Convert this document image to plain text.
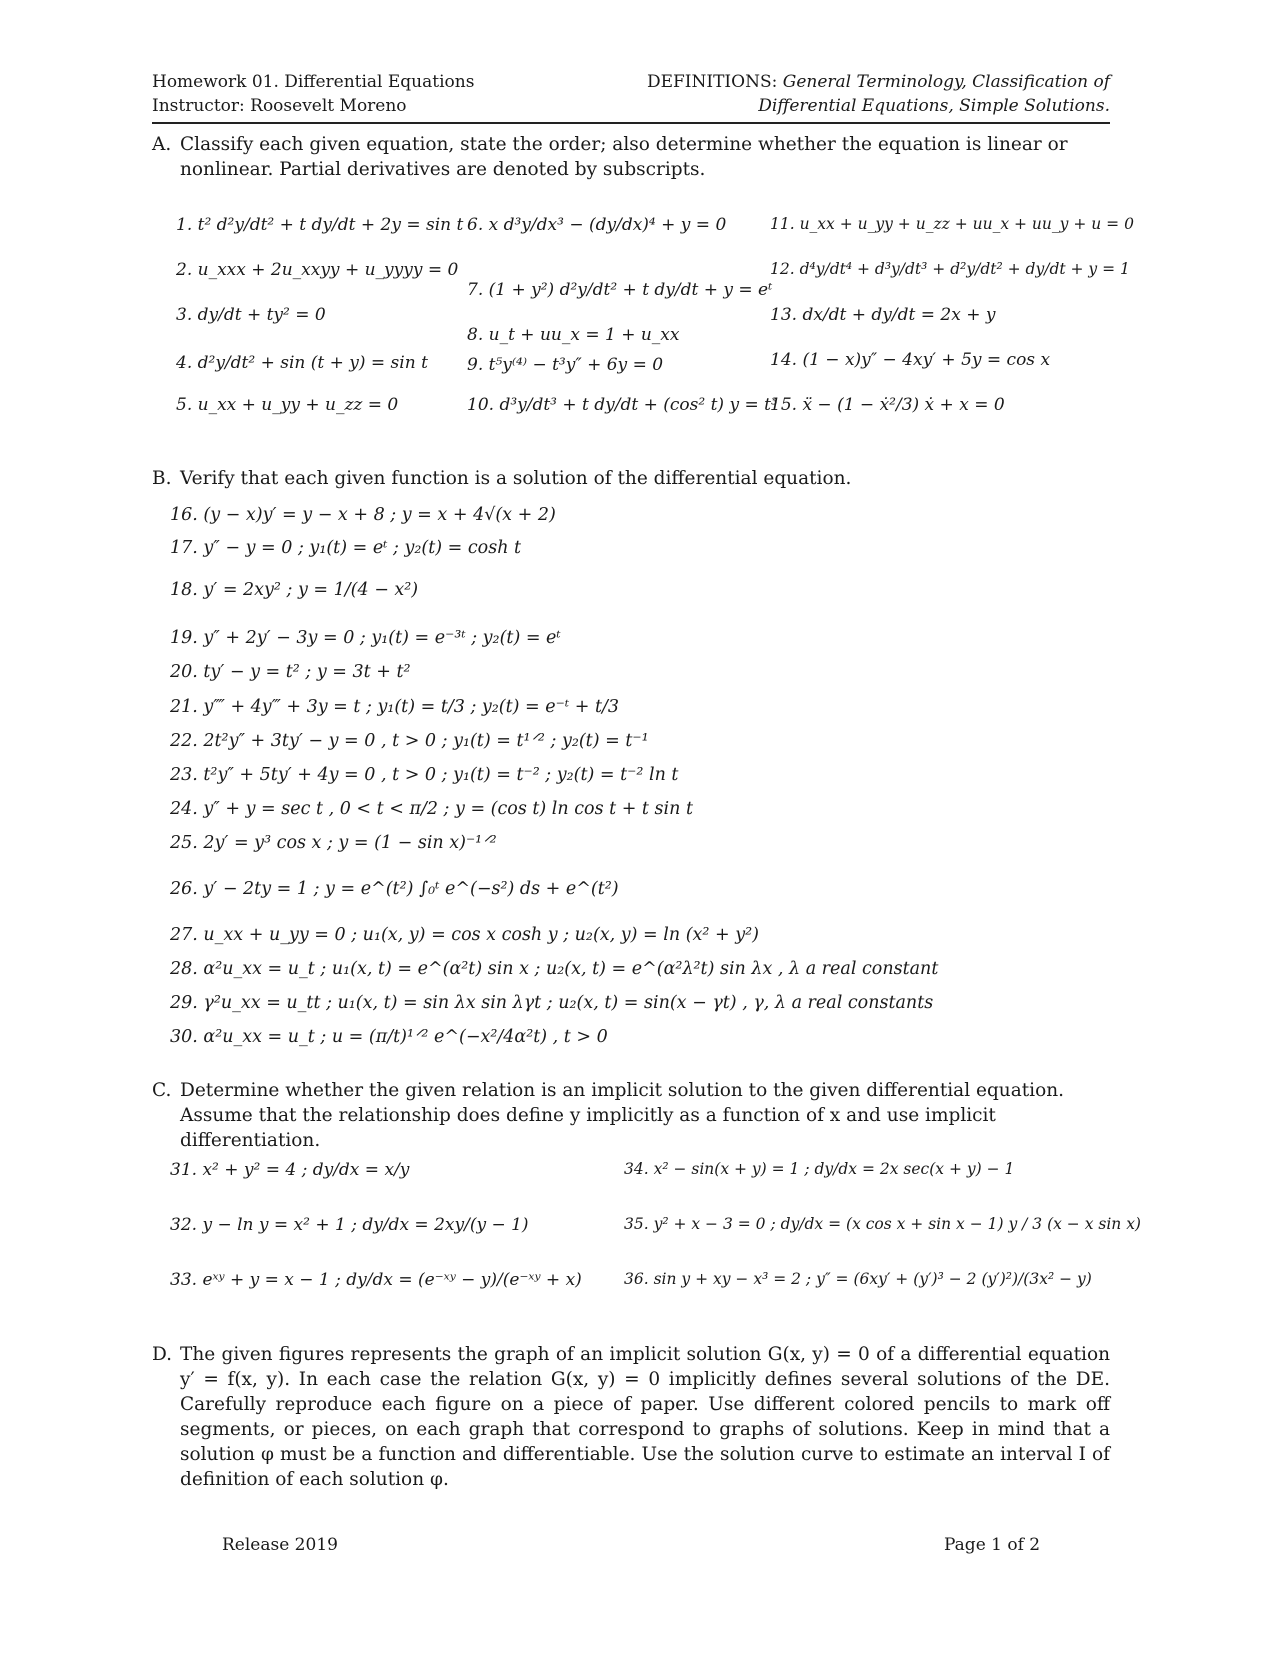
Homework 01. Differential Equations
Instructor: Roosevelt Moreno
DEFINITIONS: General Terminology, Classification of
Differential Equations, Simple Solutions.
A. Classify each given equation, state the order; also determine whether the equation is linear or nonlinear. Partial derivatives are denoted by subscripts.
1. t² d²y/dt² + t dy/dt + 2y = sin t
2. u_xxx + 2u_xxyy + u_yyyy = 0
3. dy/dt + ty² = 0
4. d²y/dt² + sin (t + y) = sin t
5. u_xx + u_yy + u_zz = 0
6. x d³y/dx³ − (dy/dx)⁴ + y = 0
7. (1 + y²) d²y/dt² + t dy/dt + y = eᵗ
8. u_t + uu_x = 1 + u_xx
9. t⁵y⁽⁴⁾ − t³y″ + 6y = 0
10. d³y/dt³ + t dy/dt + (cos² t) y = t³
11. u_xx + u_yy + u_zz + uu_x + uu_y + u = 0
12. d⁴y/dt⁴ + d³y/dt³ + d²y/dt² + dy/dt + y = 1
13. dx/dt + dy/dt = 2x + y
14. (1 − x)y″ − 4xy′ + 5y = cos x
15. ẍ − (1 − ẋ²/3) ẋ + x = 0
B. Verify that each given function is a solution of the differential equation.
16. (y − x)y′ = y − x + 8 ; y = x + 4√(x + 2)
17. y″ − y = 0 ; y₁(t) = eᵗ ; y₂(t) = cosh t
18. y′ = 2xy² ; y = 1/(4 − x²)
19. y″ + 2y′ − 3y = 0 ; y₁(t) = e⁻³ᵗ ; y₂(t) = eᵗ
20. ty′ − y = t² ; y = 3t + t²
21. y⁗ + 4y‴ + 3y = t ; y₁(t) = t/3 ; y₂(t) = e⁻ᵗ + t/3
22. 2t²y″ + 3ty′ − y = 0 , t > 0 ; y₁(t) = t¹ᐟ² ; y₂(t) = t⁻¹
23. t²y″ + 5ty′ + 4y = 0 , t > 0 ; y₁(t) = t⁻² ; y₂(t) = t⁻² ln t
24. y″ + y = sec t , 0 < t < π/2 ; y = (cos t) ln cos t + t sin t
25. 2y′ = y³ cos x ; y = (1 − sin x)⁻¹ᐟ²
26. y′ − 2ty = 1 ; y = e^(t²) ∫₀ᵗ e^(−s²) ds + e^(t²)
27. u_xx + u_yy = 0 ; u₁(x, y) = cos x cosh y ; u₂(x, y) = ln (x² + y²)
28. α²u_xx = u_t ; u₁(x, t) = e^(α²t) sin x ; u₂(x, t) = e^(α²λ²t) sin λx , λ a real constant
29. γ²u_xx = u_tt ; u₁(x, t) = sin λx sin λγt ; u₂(x, t) = sin(x − γt) , γ, λ a real constants
30. α²u_xx = u_t ; u = (π/t)¹ᐟ² e^(−x²/4α²t) , t > 0
C. Determine whether the given relation is an implicit solution to the given differential equation. Assume that the relationship does define y implicitly as a function of x and use implicit differentiation.
31. x² + y² = 4 ; dy/dx = x/y
32. y − ln y = x² + 1 ; dy/dx = 2xy/(y − 1)
33. eˣʸ + y = x − 1 ; dy/dx = (e⁻ˣʸ − y)/(e⁻ˣʸ + x)
34. x² − sin(x + y) = 1 ; dy/dx = 2x sec(x + y) − 1
35. y² + x − 3 = 0 ; dy/dx = (x cos x + sin x − 1) y / 3 (x − x sin x)
36. sin y + xy − x³ = 2 ; y″ = (6xy′ + (y′)³ − 2 (y′)²)/(3x² − y)
D. The given figures represents the graph of an implicit solution G(x, y) = 0 of a differential equation y′ = f(x, y). In each case the relation G(x, y) = 0 implicitly defines several solutions of the DE. Carefully reproduce each figure on a piece of paper. Use different colored pencils to mark off segments, or pieces, on each graph that correspond to graphs of solutions. Keep in mind that a solution φ must be a function and differentiable. Use the solution curve to estimate an interval I of definition of each solution φ.
Release 2019	Page 1 of 2
